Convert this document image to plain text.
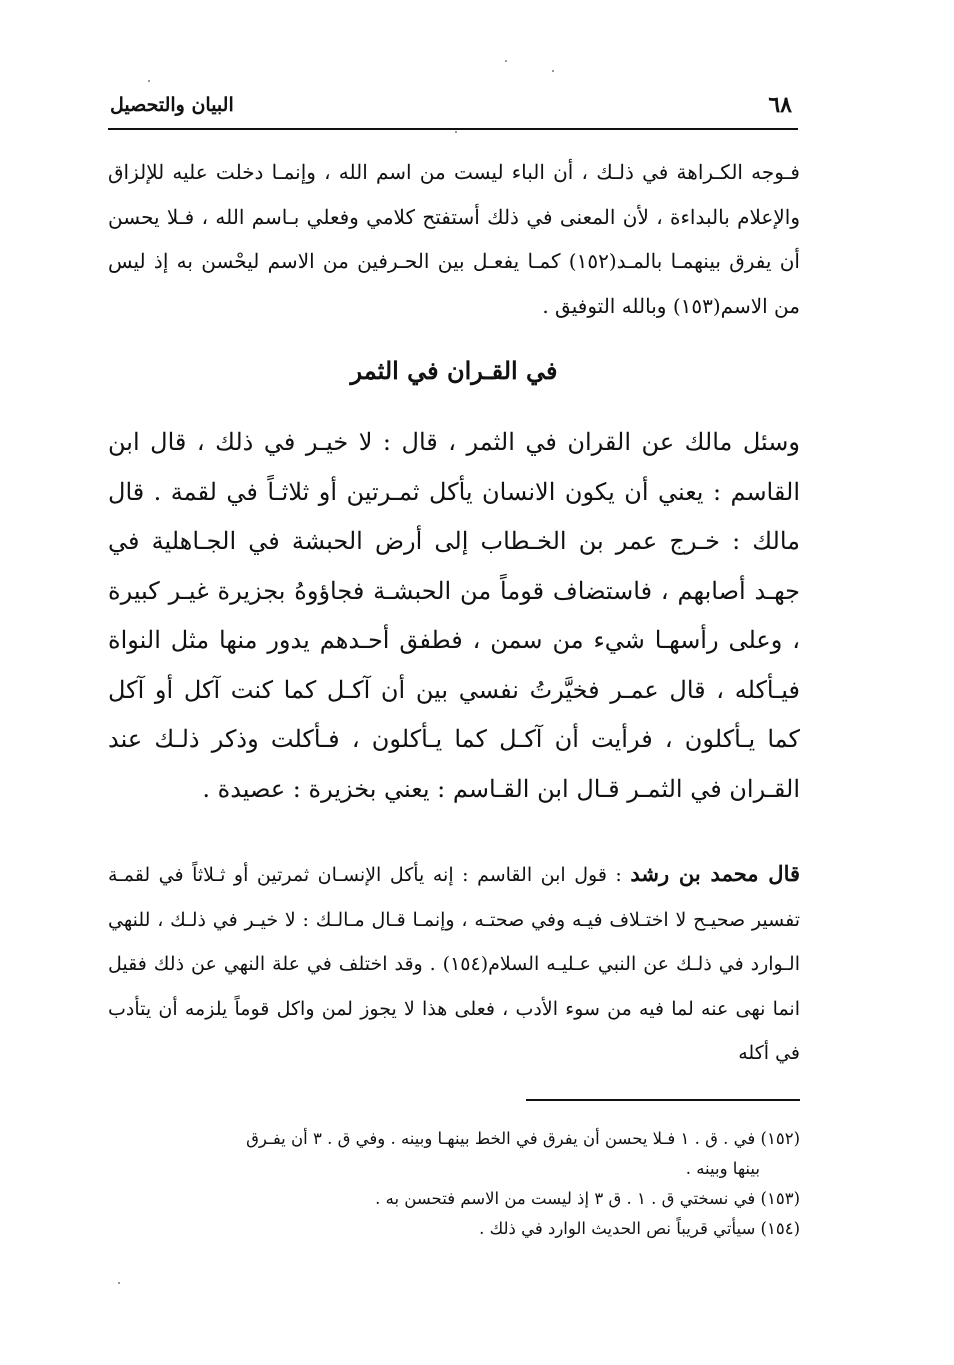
البيان والتحصيل	٦٨

فـوجه الكـراهة في ذلـك ، أن الباء ليست من اسم الله ، وإنمـا دخلت عليه للإلزاق والإعلام بالبداءة ، لأن المعنى في ذلك أستفتح كلامي وفعلي بـاسم الله ، فـلا يحسن أن يفرق بينهمـا بالمـد(١٥٢) كمـا يفعـل بين الحـرفين من الاسم ليحْسن به إذ ليس من الاسم(١٥٣) وبالله التوفيق .

في القـران في الثمر

وسئل مالك عن القران في الثمر ، قال : لا خيـر في ذلك ، قال ابن القاسم : يعني أن يكون الانسان يأكل ثمـرتين أو ثلاثـاً في لقمة . قال مالك : خـرج عمر بن الخـطاب إلى أرض الحبشة في الجـاهلية في جهـد أصابهم ، فاستضاف قوماً من الحبشـة فجاؤوهُ بجزيرة غيـر كبيرة ، وعلى رأسهـا شيء من سمن ، فطفق أحـدهم يدور منها مثل النواة فيـأكله ، قال عمـر فخيَّرتُ نفسي بين أن آكـل كما كنت آكل أو آكل كما يـأكلون ، فرأيت أن آكـل كما يـأكلون ، فـأكلت وذكر ذلـك عند القـران في الثمـر قـال ابن القـاسم : يعني بخزيرة : عصيدة .

قال محمد بن رشد : قول ابن القاسم : إنه يأكل الإنسـان ثمرتين أو ثـلاثاً في لقمـة تفسير صحيـح لا اختـلاف فيـه وفي صحتـه ، وإنمـا قـال مـالـك : لا خيـر في ذلـك ، للنهي الـوارد في ذلـك عن النبي عـليـه السلام(١٥٤) . وقد اختلف في علة النهي عن ذلك فقيل انما نهى عنه لما فيه من سوء الأدب ، فعلى هذا لا يجوز لمن واكل قوماً يلزمه أن يتأدب في أكله

(١٥٢) في . ق . ١ فـلا يحسن أن يفرق في الخط بينهـا وبينه . وفي ق . ٣ أن يفـرق
بينها وبينه .
(١٥٣) في نسختي ق . ١ . ق ٣ إذ ليست من الاسم فتحسن به .
(١٥٤) سيأتي قريباً نص الحديث الوارد في ذلك .
